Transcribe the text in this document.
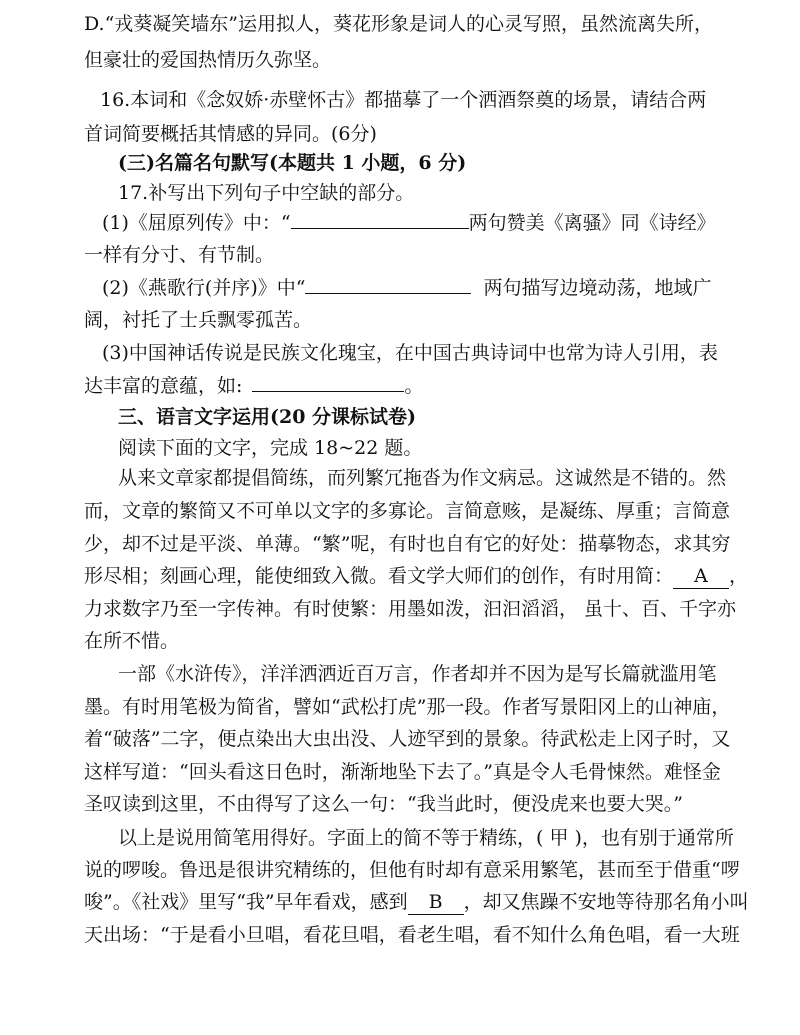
D.“戎葵凝笑墙东”运用拟人，葵花形象是词人的心灵写照，虽然流离失所，
但豪壮的爱国热情历久弥坚。
16.本词和《念奴娇·赤壁怀古》都描摹了一个洒酒祭奠的场景，请结合两
首词简要概括其情感的异同。(6分)
(三)名篇名句默写(本题共 1 小题，6 分)
17.补写出下列句子中空缺的部分。
(1)《屈原列传》中：“	两句赞美《离骚》同《诗经》
一样有分寸、有节制。
(2)《燕歌行(并序)》中“	两句描写边境动荡，地域广
阔，衬托了士兵飘零孤苦。
(3)中国神话传说是民族文化瑰宝，在中国古典诗词中也常为诗人引用，表
达丰富的意蕴，如:	。
三、语言文字运用(20 分课标试卷)
阅读下面的文字，完成 18~22 题。
从来文章家都提倡简练，而列繁冗拖沓为作文病忌。这诚然是不错的。然
而，文章的繁简又不可单以文字的多寡论。言简意赅，是凝练、厚重；言简意
少，却不过是平淡、单薄。“繁”呢，有时也自有它的好处：描摹物态，求其穷
形尽相；刻画心理，能使细致入微。看文学大师们的创作，有时用简： A ，
力求数字乃至一字传神。有时使繁：用墨如泼，汩汩滔滔， 虽十、百、千字亦
在所不惜。
一部《水浒传》，洋洋洒洒近百万言，作者却并不因为是写长篇就滥用笔
墨。有时用笔极为简省，譬如“武松打虎”那一段。作者写景阳冈上的山神庙，
着“破落”二字，便点染出大虫出没、人迹罕到的景象。待武松走上冈子时，又
这样写道：“回头看这日色时，渐渐地坠下去了。”真是令人毛骨悚然。难怪金
圣叹读到这里，不由得写了这么一句：“我当此时，便没虎来也要大哭。”
以上是说用简笔用得好。字面上的简不等于精练，( 甲 )，也有别于通常所
说的啰唆。鲁迅是很讲究精练的，但他有时却有意采用繁笔，甚而至于借重“啰
唆”。《社戏》里写“我”早年看戏，感到 B ，却又焦躁不安地等待那名角小叫
天出场：“于是看小旦唱，看花旦唱，看老生唱，看不知什么角色唱，看一大班
